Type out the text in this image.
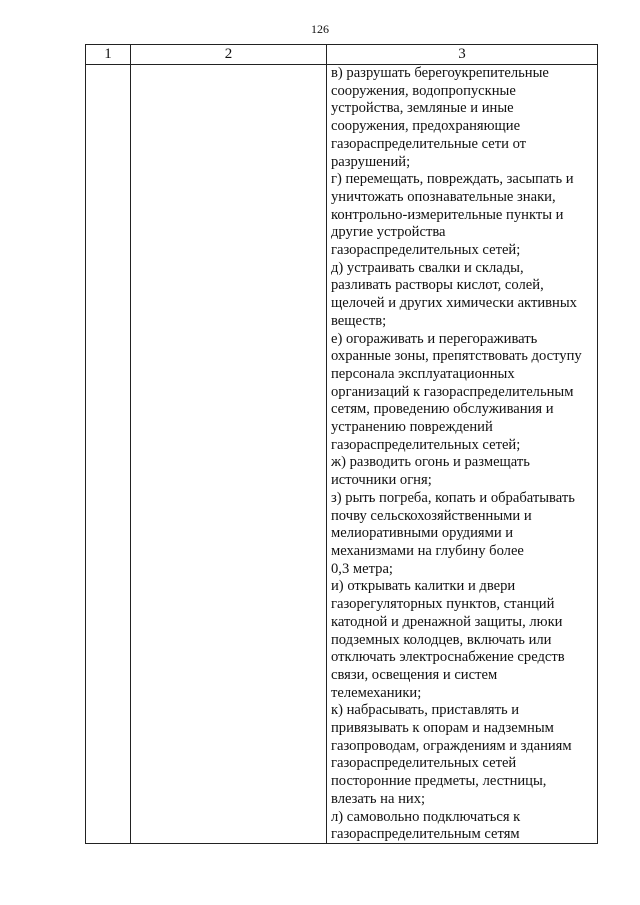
126
1	2	3
в) разрушать берегоукрепительные
сооружения, водопропускные
устройства, земляные и иные
сооружения, предохраняющие
газораспределительные сети от
разрушений;
г) перемещать, повреждать, засыпать и
уничтожать опознавательные знаки,
контрольно-измерительные пункты и
другие устройства
газораспределительных сетей;
д) устраивать свалки и склады,
разливать растворы кислот, солей,
щелочей и других химически активных
веществ;
е) огораживать и перегораживать
охранные зоны, препятствовать доступу
персонала эксплуатационных
организаций к газораспределительным
сетям, проведению обслуживания и
устранению повреждений
газораспределительных сетей;
ж) разводить огонь и размещать
источники огня;
з) рыть погреба, копать и обрабатывать
почву сельскохозяйственными и
мелиоративными орудиями и
механизмами на глубину более
0,3 метра;
и) открывать калитки и двери
газорегуляторных пунктов, станций
катодной и дренажной защиты, люки
подземных колодцев, включать или
отключать электроснабжение средств
связи, освещения и систем
телемеханики;
к) набрасывать, приставлять и
привязывать к опорам и надземным
газопроводам, ограждениям и зданиям
газораспределительных сетей
посторонние предметы, лестницы,
влезать на них;
л) самовольно подключаться к
газораспределительным сетям
